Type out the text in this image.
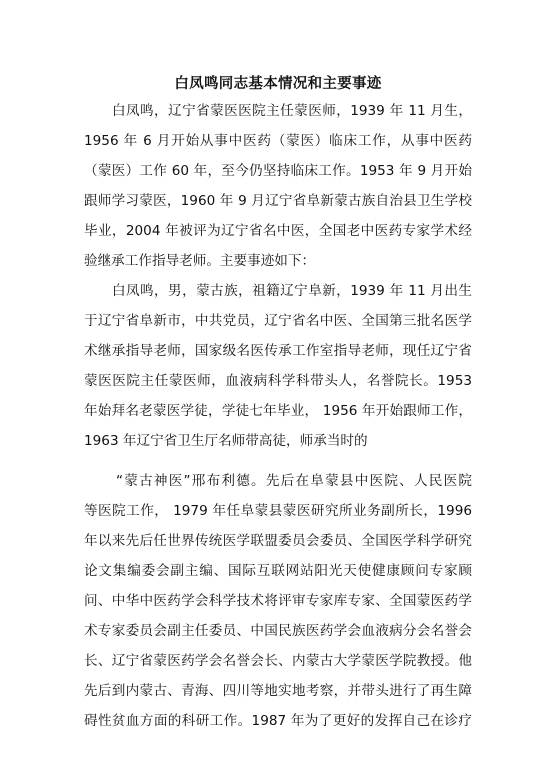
白凤鸣同志基本情况和主要事迹
白凤鸣，辽宁省蒙医医院主任蒙医师，1939 年 11 月生，
1956 年 6 月开始从事中医药（蒙医）临床工作，从事中医药
（蒙医）工作 60 年，至今仍坚持临床工作。1953 年 9 月开始
跟师学习蒙医，1960 年 9 月辽宁省阜新蒙古族自治县卫生学校
毕业，2004 年被评为辽宁省名中医，全国老中医药专家学术经
验继承工作指导老师。主要事迹如下：
白凤鸣，男，蒙古族，祖籍辽宁阜新，1939 年 11 月出生
于辽宁省阜新市，中共党员，辽宁省名中医、全国第三批名医学
术继承指导老师，国家级名医传承工作室指导老师，现任辽宁省
蒙医医院主任蒙医师，血液病科学科带头人，名誉院长。1953
年始拜名老蒙医学徒，学徒七年毕业， 1956 年开始跟师工作，
1963 年辽宁省卫生厅名师带高徒，师承当时的
“蒙古神医”邢布利德。先后在阜蒙县中医院、人民医院
等医院工作， 1979 年任阜蒙县蒙医研究所业务副所长，1996
年以来先后任世界传统医学联盟委员会委员、全国医学科学研究
论文集编委会副主编、国际互联网站阳光天使健康顾问专家顾
问、中华中医药学会科学技术将评审专家库专家、全国蒙医药学
术专家委员会副主任委员、中国民族医药学会血液病分会名誉会
长、辽宁省蒙医药学会名誉会长、内蒙古大学蒙医学院教授。他
先后到内蒙古、青海、四川等地实地考察，并带头进行了再生障
碍性贫血方面的科研工作。1987 年为了更好的发挥自己在诊疗
